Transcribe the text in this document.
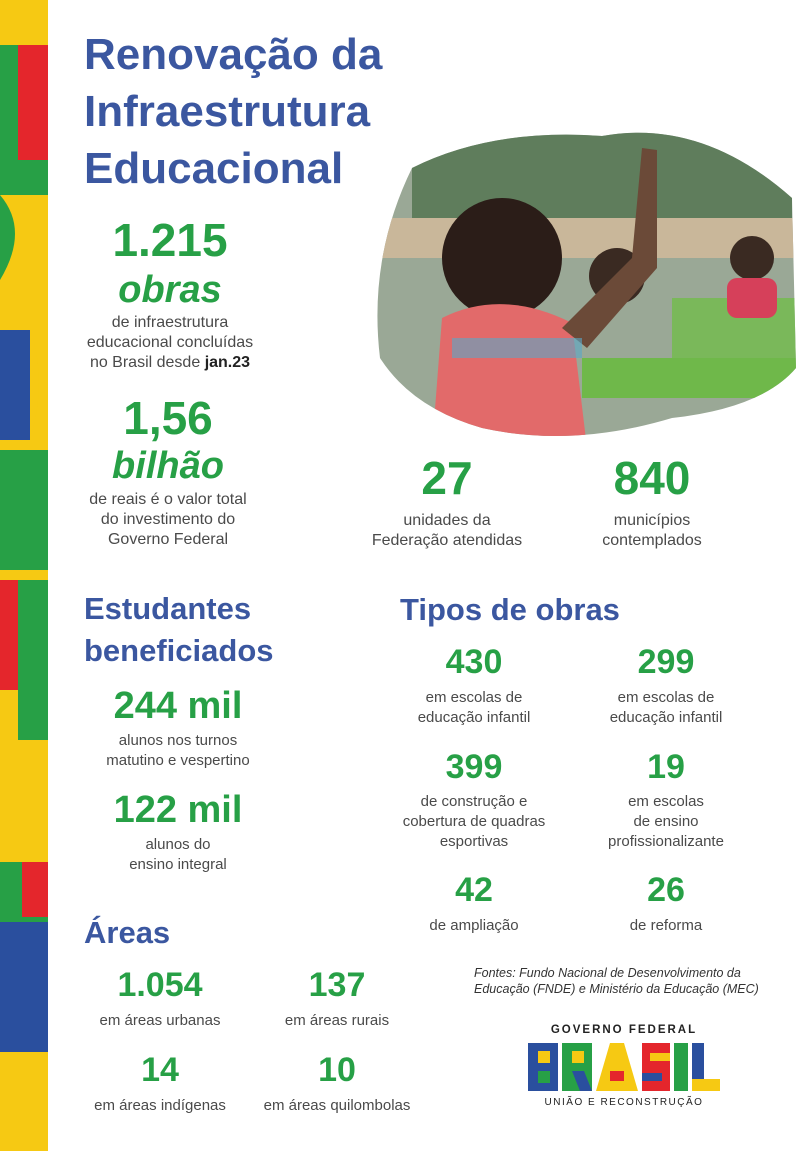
Renovação da
Infraestrutura
Educacional
1.215
obras
de infraestrutura
educacional concluídas
no Brasil desde jan.23
1,56
bilhão
de reais é o valor total
do investimento do
Governo Federal
27
unidades da
Federação atendidas
840
municípios
contemplados
Estudantes
beneficiados
244 mil
alunos nos turnos
matutino e vespertino
122 mil
alunos do
ensino integral
Tipos de obras
430
em escolas de
educação infantil
299
em escolas de
educação infantil
399
de construção e
cobertura de quadras
esportivas
19
em escolas
de ensino
profissionalizante
42
de ampliação
26
de reforma
Áreas
1.054
em áreas urbanas
137
em áreas rurais
14
em áreas indígenas
10
em áreas quilombolas
Fontes: Fundo Nacional de Desenvolvimento da
Educação (FNDE) e Ministério da Educação (MEC)
GOVERNO FEDERAL
UNIÃO E RECONSTRUÇÃO
